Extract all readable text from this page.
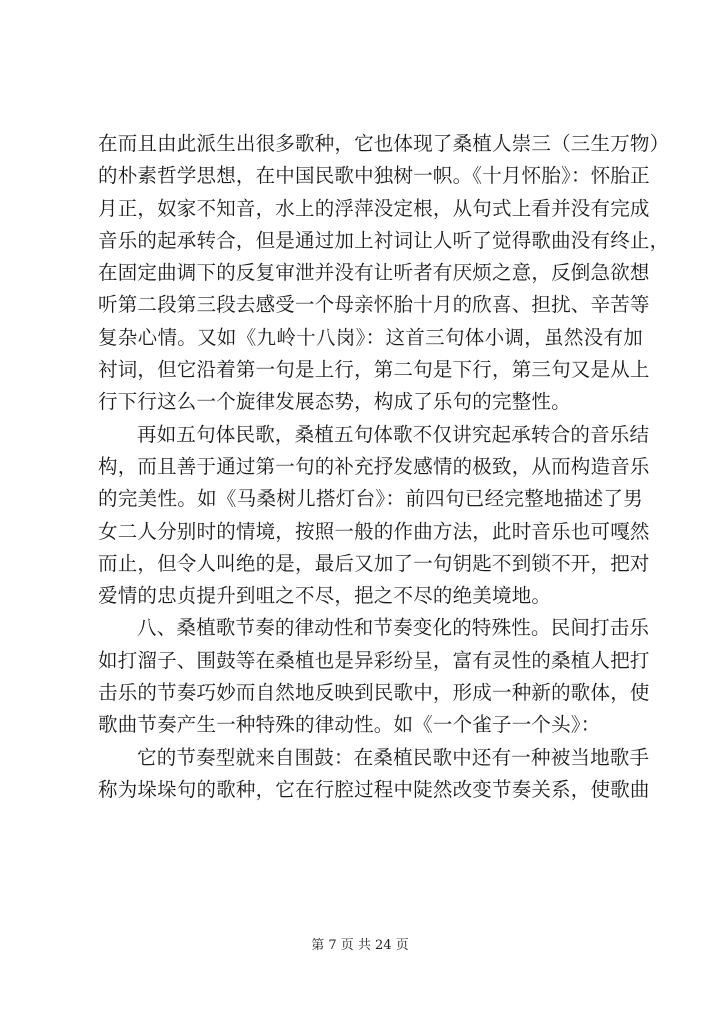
在而且由此派生出很多歌种，它也体现了桑植人崇三（三生万物）
的朴素哲学思想，在中国民歌中独树一帜。《十月怀胎》：怀胎正
月正，奴家不知音，水上的浮萍没定根，从句式上看并没有完成
音乐的起承转合，但是通过加上衬词让人听了觉得歌曲没有终止，
在固定曲调下的反复审泄并没有让听者有厌烦之意，反倒急欲想
听第二段第三段去感受一个母亲怀胎十月的欣喜、担扰、辛苦等
复杂心情。又如《九岭十八岗》：这首三句体小调，虽然没有加
衬词，但它沿着第一句是上行，第二句是下行，第三句又是从上
行下行这么一个旋律发展态势，构成了乐句的完整性。
再如五句体民歌，桑植五句体歌不仅讲究起承转合的音乐结
构，而且善于通过第一句的补充抒发感情的极致，从而构造音乐
的完美性。如《马桑树儿搭灯台》：前四句已经完整地描述了男
女二人分别时的情境，按照一般的作曲方法，此时音乐也可嘎然
而止，但令人叫绝的是，最后又加了一句钥匙不到锁不开，把对
爱情的忠贞提升到咀之不尽，挹之不尽的绝美境地。
八、桑植歌节奏的律动性和节奏变化的特殊性。民间打击乐
如打溜子、围鼓等在桑植也是异彩纷呈，富有灵性的桑植人把打
击乐的节奏巧妙而自然地反映到民歌中，形成一种新的歌体，使
歌曲节奏产生一种特殊的律动性。如《一个雀子一个头》：
它的节奏型就来自围鼓：在桑植民歌中还有一种被当地歌手
称为垛垛句的歌种，它在行腔过程中陡然改变节奏关系，使歌曲
第 7 页 共 24 页
